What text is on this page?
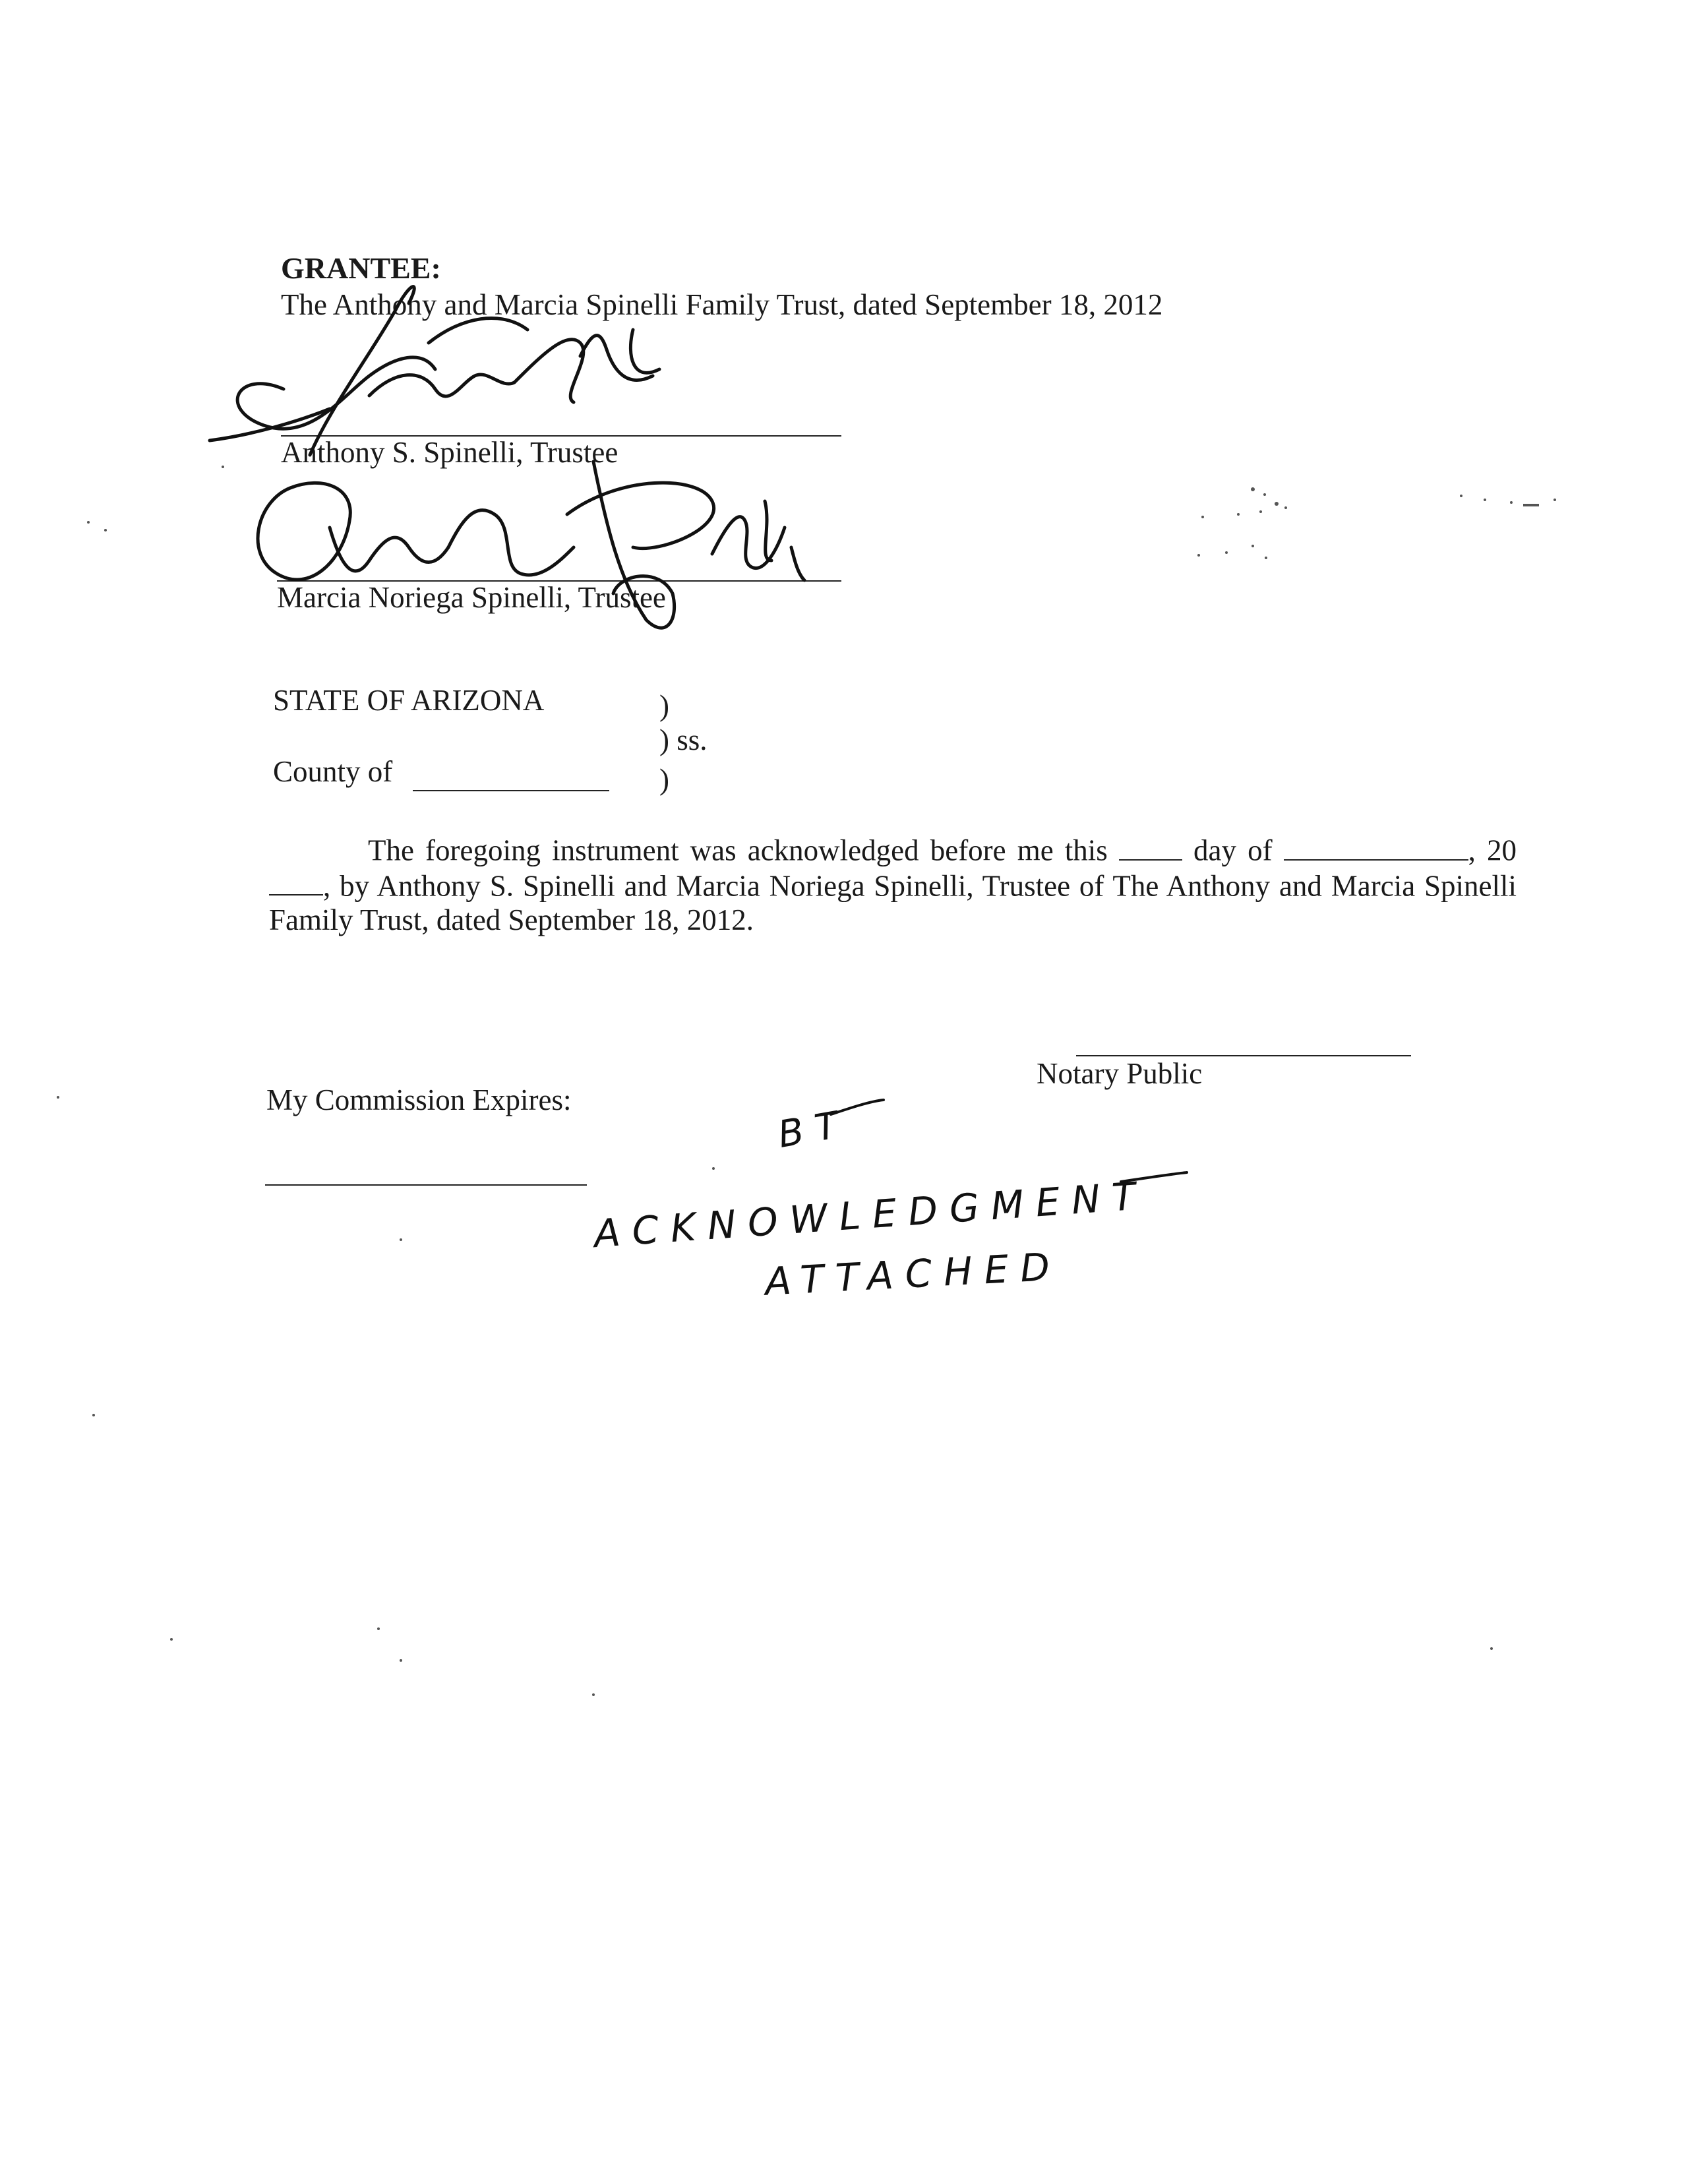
GRANTEE:
The Anthony and Marcia Spinelli Family Trust, dated September 18, 2012
Anthony S. Spinelli, Trustee
Marcia Noriega Spinelli, Trustee
STATE OF ARIZONA	)
) ss.
County of	)
The foregoing instrument was acknowledged before me this	day of	, 20, by Anthony S. Spinelli and Marcia Noriega Spinelli, Trustee of The Anthony and Marcia Spinelli Family Trust, dated September 18, 2012.
Notary Public
My Commission Expires:
BT
ACKNOWLEDGMENT
ATTACHED
